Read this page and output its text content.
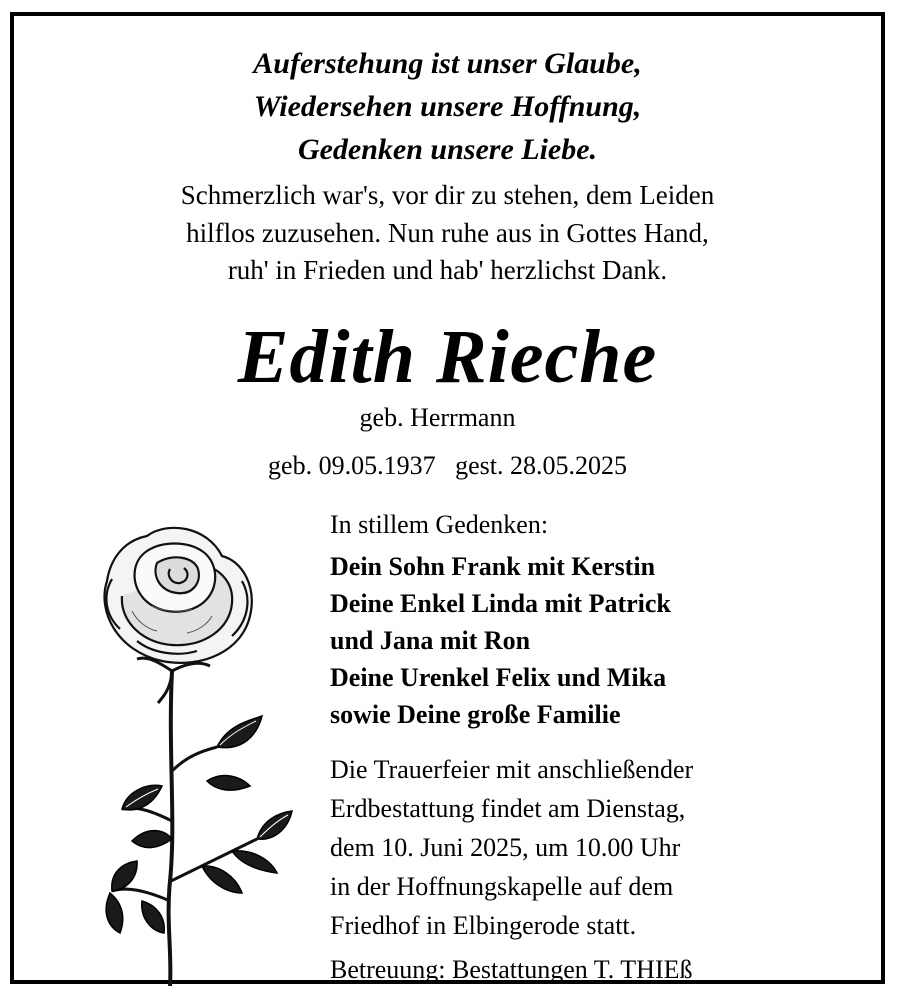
Auferstehung ist unser Glaube,
Wiedersehen unsere Hoffnung,
Gedenken unsere Liebe.
Schmerzlich war's, vor dir zu stehen, dem Leiden
hilflos zuzusehen. Nun ruhe aus in Gottes Hand,
ruh' in Frieden und hab' herzlichst Dank.
Edith Rieche
geb. Herrmann
geb. 09.05.1937 gest. 28.05.2025
In stillem Gedenken:
Dein Sohn Frank mit Kerstin
Deine Enkel Linda mit Patrick
und Jana mit Ron
Deine Urenkel Felix und Mika
sowie Deine große Familie
Die Trauerfeier mit anschließender
Erdbestattung findet am Dienstag,
dem 10. Juni 2025, um 10.00 Uhr
in der Hoffnungskapelle auf dem
Friedhof in Elbingerode statt.
Betreuung: Bestattungen T. THIEß
